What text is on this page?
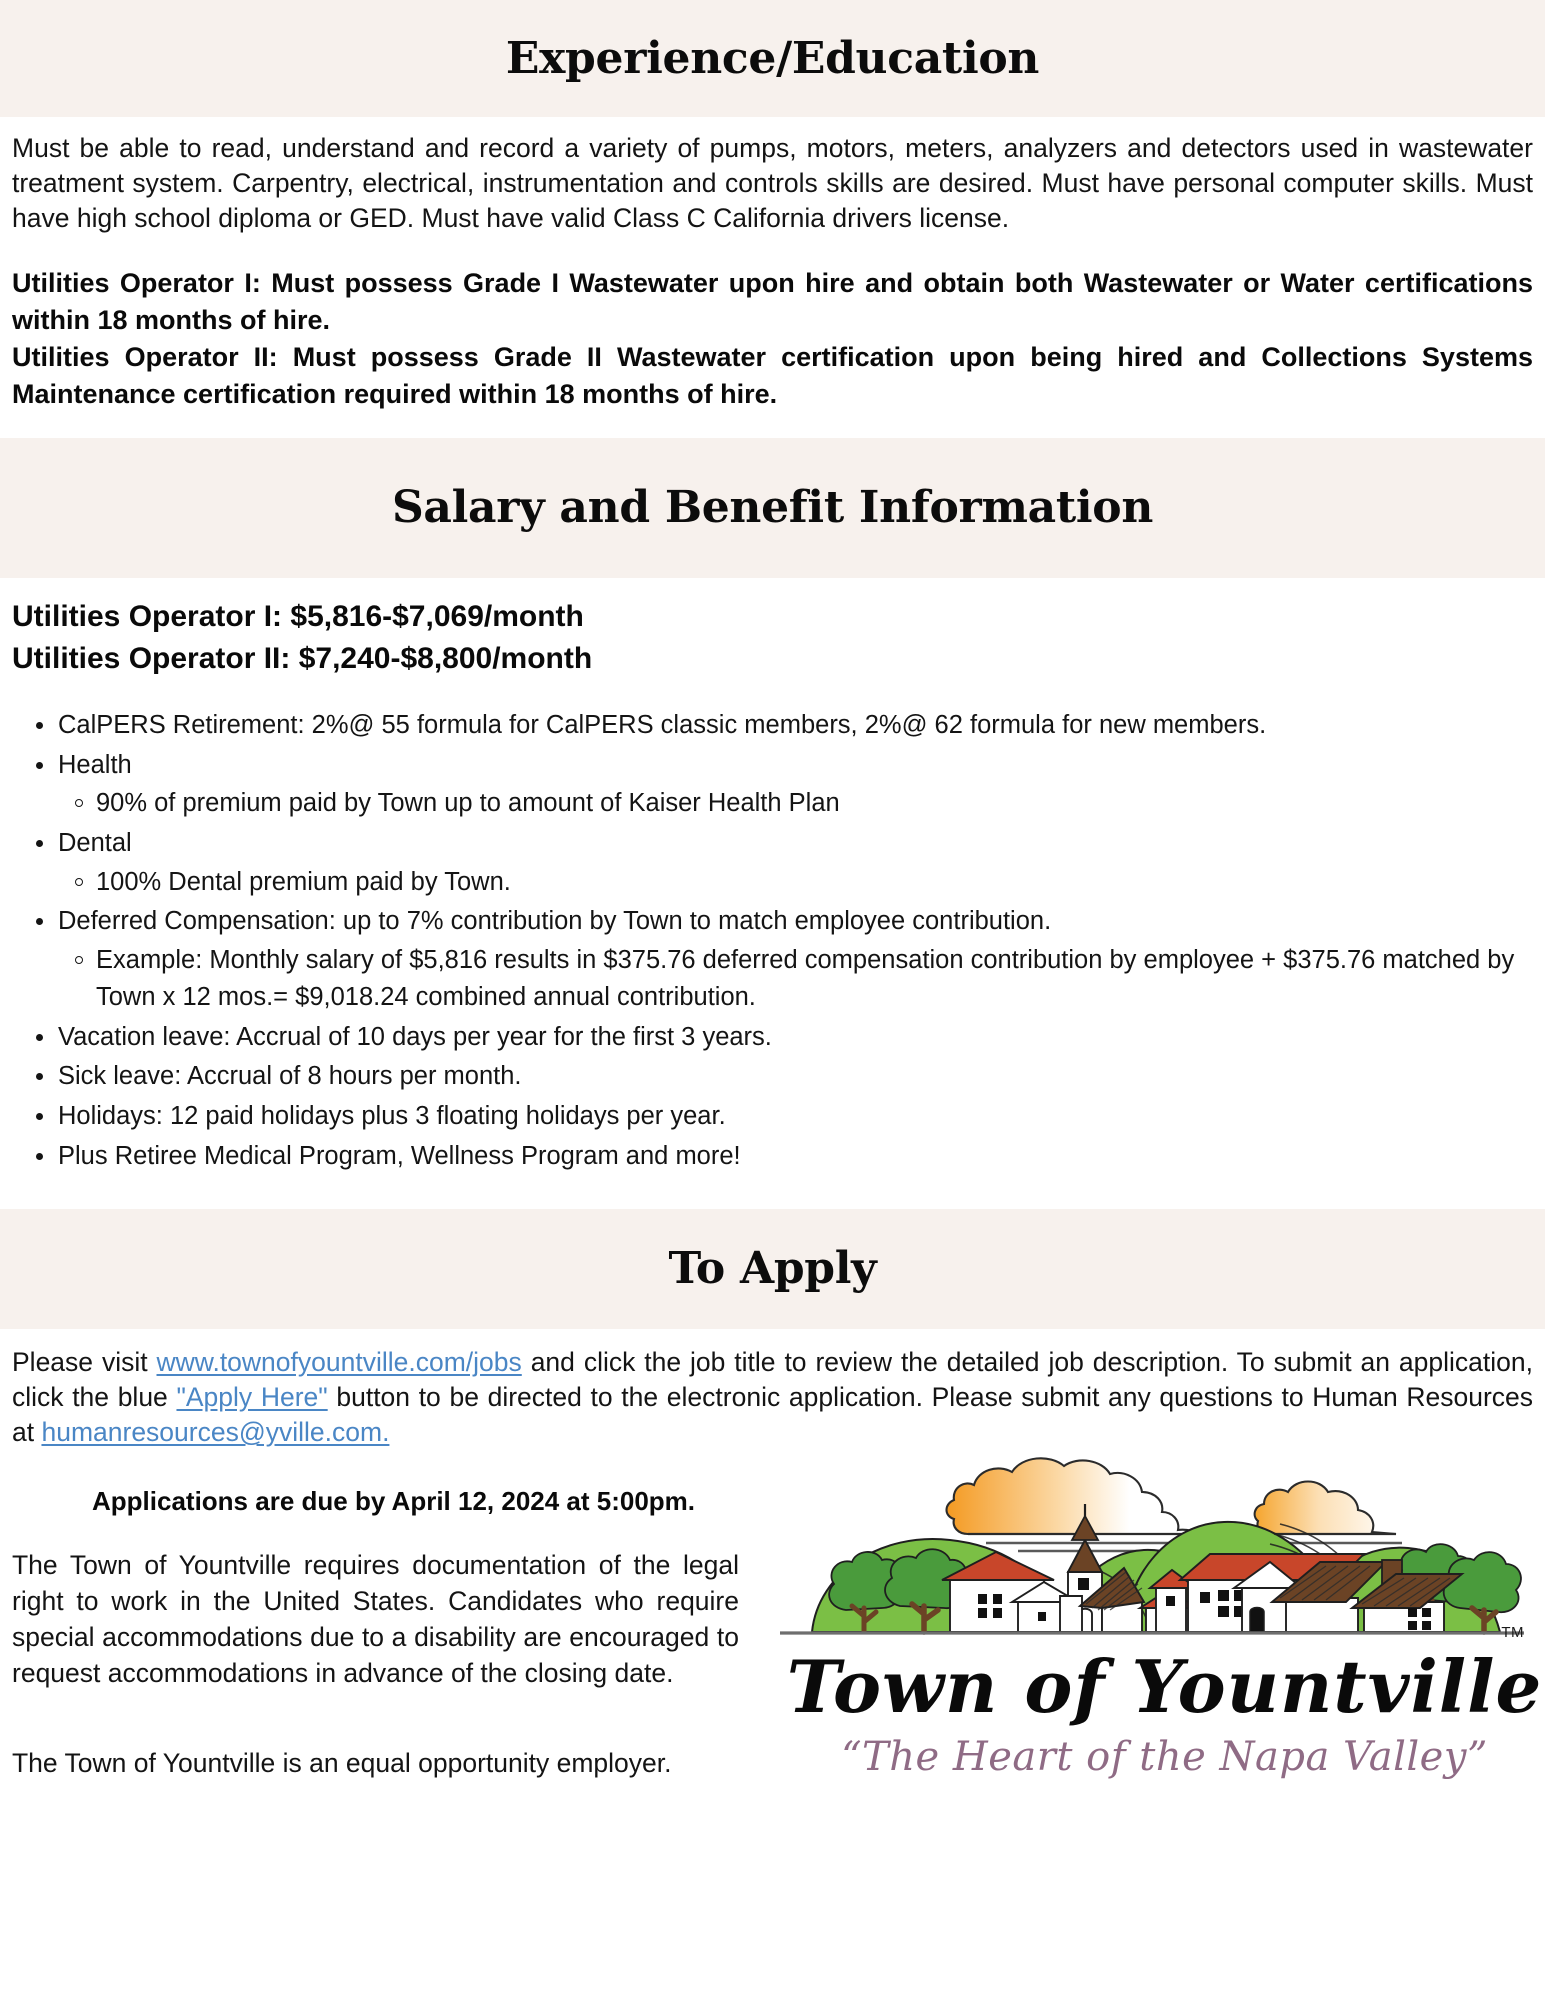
Experience/Education

Must be able to read, understand and record a variety of pumps, motors, meters, analyzers and detectors used in wastewater treatment system. Carpentry, electrical, instrumentation and controls skills are desired. Must have personal computer skills. Must have high school diploma or GED. Must have valid Class C California drivers license.

Utilities Operator I: Must possess Grade I Wastewater upon hire and obtain both Wastewater or Water certifications within 18 months of hire.

Utilities Operator II: Must possess Grade II Wastewater certification upon being hired and Collections Systems Maintenance certification required within 18 months of hire.

Salary and Benefit Information

Utilities Operator I: $5,816-$7,069/month

Utilities Operator II: $7,240-$8,800/month

CalPERS Retirement: 2%@ 55 formula for CalPERS classic members, 2%@ 62 formula for new members.
Health
90% of premium paid by Town up to amount of Kaiser Health Plan
Dental
100% Dental premium paid by Town.
Deferred Compensation: up to 7% contribution by Town to match employee contribution.
Example: Monthly salary of $5,816 results in $375.76 deferred compensation contribution by employee + $375.76 matched by Town x 12 mos.= $9,018.24 combined annual contribution.
Vacation leave: Accrual of 10 days per year for the first 3 years.
Sick leave: Accrual of 8 hours per month.
Holidays: 12 paid holidays plus 3 floating holidays per year.
Plus Retiree Medical Program, Wellness Program and more!
To Apply

Please visit www.townofyountville.com/jobs and click the job title to review the detailed job description. To submit an application, click the blue "Apply Here" button to be directed to the electronic application. Please submit any questions to Human Resources at humanresources@yville.com.

Applications are due by April 12, 2024 at 5:00pm.

The Town of Yountville requires documentation of the legal right to work in the United States. Candidates who require special accommodations due to a disability are encouraged to request accommodations in advance of the closing date.

The Town of Yountville is an equal opportunity employer.

TM
Town of Yountville
“The Heart of the Napa Valley”
